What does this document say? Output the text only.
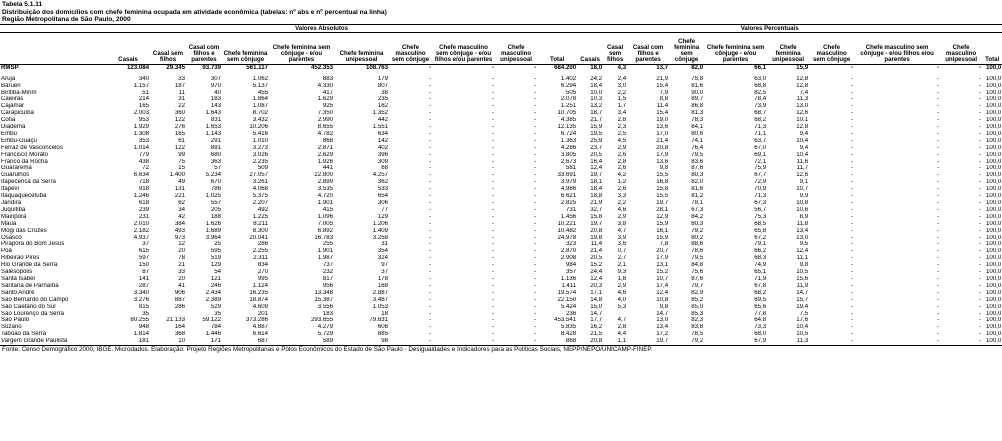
Tabela 5.1.11
Distribuição dos domicílios com chefe feminina ocupada em atividade econômica (tabelas: nº abs e nº percentual na linha)
Região Metropolitana de São Paulo, 2000
	Valores Absolutos									Valores Percentuais										
	Casais	Casal sem filhos	Casal com filhos e parentes	Chefe feminina sem cônjuge	Chefe feminina sem cônjuge - e/ou parentes	Chefe feminina unipessoal	Chefe masculino sem cônjuge	Chefe masculino sem cônjuge - e/ou filhos e/ou parentes	Chefe masculino unipessoal	Total	Casais	Casal sem filhos	Casal com filhos e parentes	Chefe feminina sem cônjuge	Chefe feminina sem cônjuge - e/ou parentes	Chefe feminina unipessoal	Chefe masculino sem cônjuge	Chefe masculino sem cônjuge - e/ou filhos e/ou parentes	Chefe masculino unipessoal	Total
RMSP	123.084	29.345	93.739	561.117	452.353	108.763	-	-	-	684.200	18,0	4,3	13,7	82,0	66,1	15,9	-	-	-	100,0

Arujá	340	33	307	1.062	883	179	-	-	-	1.402	24,2	2,4	21,9	75,8	63,0	12,8	-	-	-	100,0
Barueri	1.157	187	970	5.137	4.330	807	-	-	-	6.294	18,4	3,0	15,4	81,6	68,8	12,8	-	-	-	100,0
Biritiba-Mirim	51	11	40	455	417	38	-	-	-	505	10,0	2,2	7,9	90,0	82,5	7,4	-	-	-	100,0
Caieiras	214	31	183	1.864	1.629	235	-	-	-	2.078	10,3	1,5	8,8	89,7	78,4	11,3	-	-	-	100,0
Cajamar	165	22	143	1.087	925	162	-	-	-	1.251	13,2	1,7	11,4	86,8	73,9	13,0	-	-	-	100,0
Carapicuíba	2.003	360	1.643	8.702	7.350	1.352	-	-	-	10.705	18,7	3,4	15,4	81,3	68,7	12,6	-	-	-	100,0
Cotia	953	122	831	3.432	2.990	442	-	-	-	4.385	21,7	2,8	19,0	78,3	68,2	10,1	-	-	-	100,0
Diadema	1.929	276	1.653	10.206	8.655	1.551	-	-	-	12.135	15,9	2,3	13,6	84,1	71,3	12,8	-	-	-	100,0
Embu	1.308	165	1.143	5.416	4.782	634	-	-	-	6.724	19,5	2,5	17,0	80,6	71,1	9,4	-	-	-	100,0
Embu-Guaçu	353	61	291	1.010	868	142	-	-	-	1.363	25,9	4,5	21,4	74,1	63,7	10,4	-	-	-	100,0
Ferraz de Vasconcelos	1.014	122	891	3.273	2.871	402	-	-	-	4.286	23,7	2,9	20,8	76,4	67,0	9,4	-	-	-	100,0
Francisco Morato	779	99	680	3.026	2.629	396	-	-	-	3.805	20,5	2,6	17,9	79,5	69,1	10,4	-	-	-	100,0
Franco da Rocha	438	75	363	2.235	1.926	309	-	-	-	2.673	16,4	2,8	13,6	83,6	72,1	11,6	-	-	-	100,0
Guararema	72	15	57	509	441	68	-	-	-	581	12,4	2,6	9,8	87,6	75,9	11,7	-	-	-	100,0
Guarulhos	6.634	1.400	5.234	27.057	22.800	4.257	-	-	-	33.691	19,7	4,2	15,5	80,3	67,7	12,6	-	-	-	100,0
Itapecerica da Serra	718	49	670	3.261	2.899	362	-	-	-	3.979	18,1	1,2	16,8	82,0	72,9	9,1	-	-	-	100,0
Itapevi	918	131	786	4.068	3.535	533	-	-	-	4.986	18,4	2,6	15,8	81,6	70,9	10,7	-	-	-	100,0
Itaquaquecetuba	1.246	221	1.025	5.375	4.720	654	-	-	-	6.621	18,8	3,3	15,5	81,2	71,3	9,9	-	-	-	100,0
Jandira	618	62	557	2.207	1.901	306	-	-	-	2.825	21,9	2,2	19,7	78,1	67,3	10,8	-	-	-	100,0
Juquitiba	239	34	205	492	415	77	-	-	-	731	32,7	4,6	28,1	67,3	56,7	10,6	-	-	-	100,0
Mairiporã	231	42	188	1.225	1.096	129	-	-	-	1.456	15,8	2,9	12,9	84,2	75,3	8,9	-	-	-	100,0
Mauá	2.010	384	1.626	8.211	7.005	1.206	-	-	-	10.221	19,7	3,8	15,9	80,3	68,5	11,8	-	-	-	100,0
Mogi das Cruzes	2.182	493	1.689	8.300	6.892	1.409	-	-	-	10.482	20,8	4,7	16,1	79,2	65,8	13,4	-	-	-	100,0
Osasco	4.937	973	3.964	20.041	16.783	3.258	-	-	-	24.978	19,8	3,9	15,9	80,2	67,2	13,0	-	-	-	100,0
Pirapora do Bom Jesus	37	12	25	286	255	31	-	-	-	323	11,4	3,6	7,8	88,6	79,1	9,5	-	-	-	100,0
Poá	615	20	595	2.255	1.901	354	-	-	-	2.870	21,4	0,7	20,7	78,6	66,2	12,4	-	-	-	100,0
Ribeirão Pires	597	78	519	2.311	1.987	324	-	-	-	2.908	20,5	2,7	17,9	79,5	68,3	11,1	-	-	-	100,0
Rio Grande da Serra	150	21	129	834	737	97	-	-	-	984	15,2	2,1	13,1	84,8	74,9	9,8	-	-	-	100,0
Salesópolis	87	33	54	270	232	37	-	-	-	357	24,4	9,3	15,2	75,6	65,1	10,5	-	-	-	100,0
Santa Isabel	141	20	121	995	817	178	-	-	-	1.136	12,4	1,8	10,7	87,6	71,9	15,6	-	-	-	100,0
Santana de Parnaíba	287	41	246	1.124	956	168	-	-	-	1.411	20,3	2,9	17,4	79,7	67,8	11,9	-	-	-	100,0
Santo André	3.340	906	2.434	16.235	13.348	2.887	-	-	-	19.574	17,1	4,6	12,4	82,9	68,2	14,7	-	-	-	100,0
São Bernardo do Campo	3.276	887	2.389	18.874	15.387	3.487	-	-	-	22.150	14,8	4,0	10,8	85,2	69,5	15,7	-	-	-	100,0
São Caetano do Sul	815	286	529	4.609	3.556	1.053	-	-	-	5.424	15,0	5,3	9,8	85,0	65,6	19,4	-	-	-	100,0
São Lourenço da Serra	35		35	201	183	18	-	-	-	236	14,7		14,7	85,3	77,8	7,5	-	-	-	100,0
São Paulo	80.255	21.133	59.122	373.286	293.655	79.631	-	-	-	453.541	17,7	4,7	13,0	82,3	64,8	17,6	-	-	-	100,0
Suzano	948	164	784	4.887	4.279	608	-	-	-	5.835	16,2	2,8	13,4	83,8	73,3	10,4	-	-	-	100,0
Taboão da Serra	1.814	368	1.446	6.614	5.729	885	-	-	-	8.428	21,5	4,4	17,2	78,5	68,0	10,5	-	-	-	100,0
Vargem Grande Paulista	181	10	171	687	589	98	-	-	-	868	20,8	1,1	19,7	79,2	67,9	11,3	-	-	-	100,0
Fonte: Censo Demográfico 2000, IBGE. Microdados. Elaboração: Projeto Regiões Metropolitanas e Pólos Econômicos do Estado de São Paulo - Desigualdades e Indicadores para as Políticas Sociais, NEPP/NEPO/UNICAMP-FINEP.
